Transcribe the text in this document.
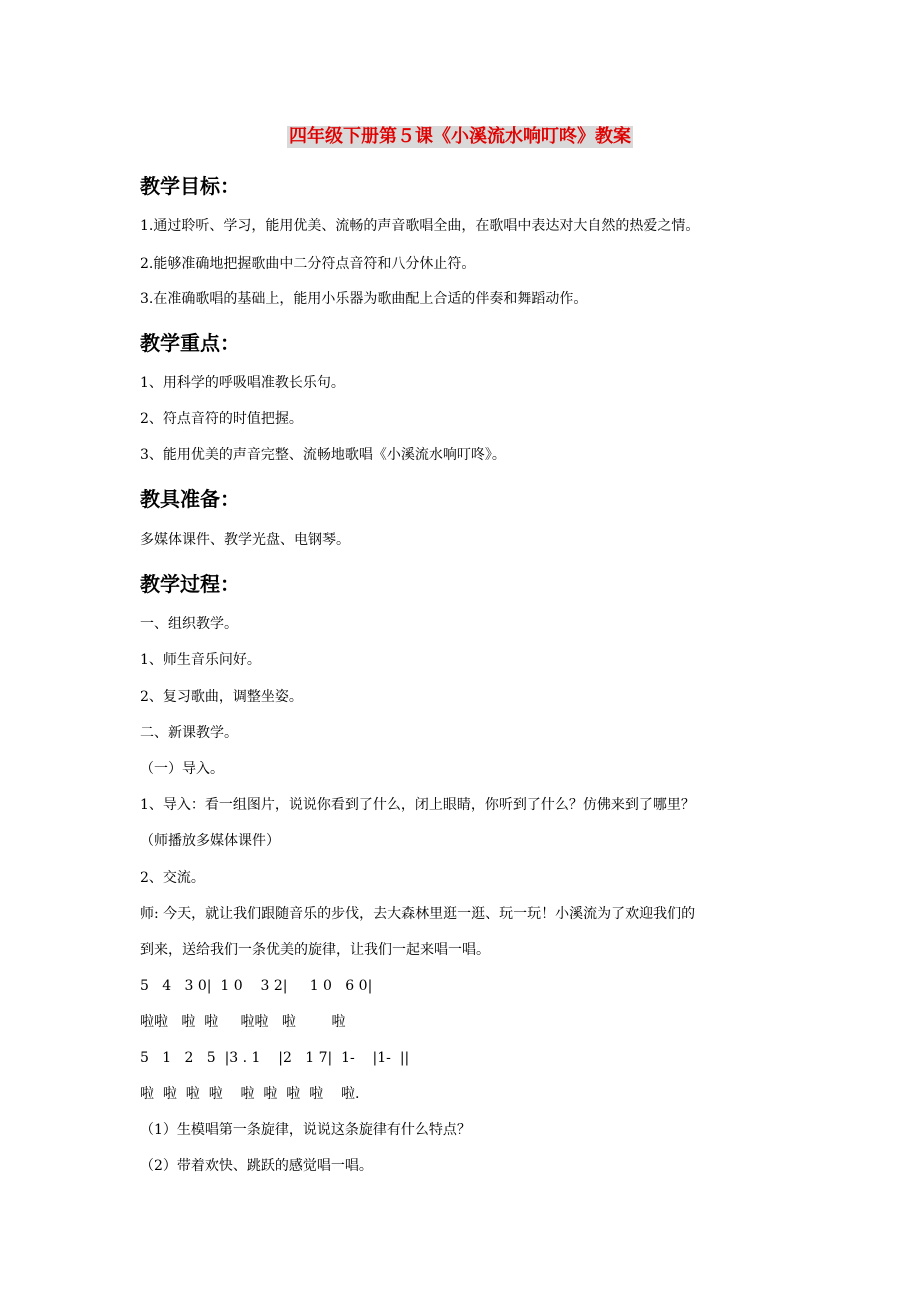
四年级下册第５课《小溪流水响叮咚》教案
教学目标：
1.通过聆听、学习，能用优美、流畅的声音歌唱全曲，在歌唱中表达对大自然的热爱之情。
2.能够准确地把握歌曲中二分符点音符和八分休止符。
3.在准确歌唱的基础上，能用小乐器为歌曲配上合适的伴奏和舞蹈动作。
教学重点：
1、用科学的呼吸唱准教长乐句。
2、符点音符的时值把握。
3、能用优美的声音完整、流畅地歌唱《小溪流水响叮咚》。
教具准备：
多媒体课件、教学光盘、电钢琴。
教学过程：
一、组织教学。
1、师生音乐问好。
2、复习歌曲，调整坐姿。
二、新课教学。
（一）导入。
1、导入：看一组图片，说说你看到了什么，闭上眼睛，你听到了什么？仿佛来到了哪里？
（师播放多媒体课件）
2、交流。
师: 今天，就让我们跟随音乐的步伐，去大森林里逛一逛、玩一玩！小溪流为了欢迎我们的
到来，送给我们一条优美的旋律，让我们一起来唱一唱。
5   4   3 0|  1 0    3 2|     1 0   6 0|
啦啦   啦  啦     啦啦   啦        啦
5   1   2   5  |3 . 1    |2   1 7|  1-    |1-  ||
啦  啦  啦  啦    啦  啦  啦  啦    啦.
（1）生模唱第一条旋律，说说这条旋律有什么特点？
（2）带着欢快、跳跃的感觉唱一唱。
